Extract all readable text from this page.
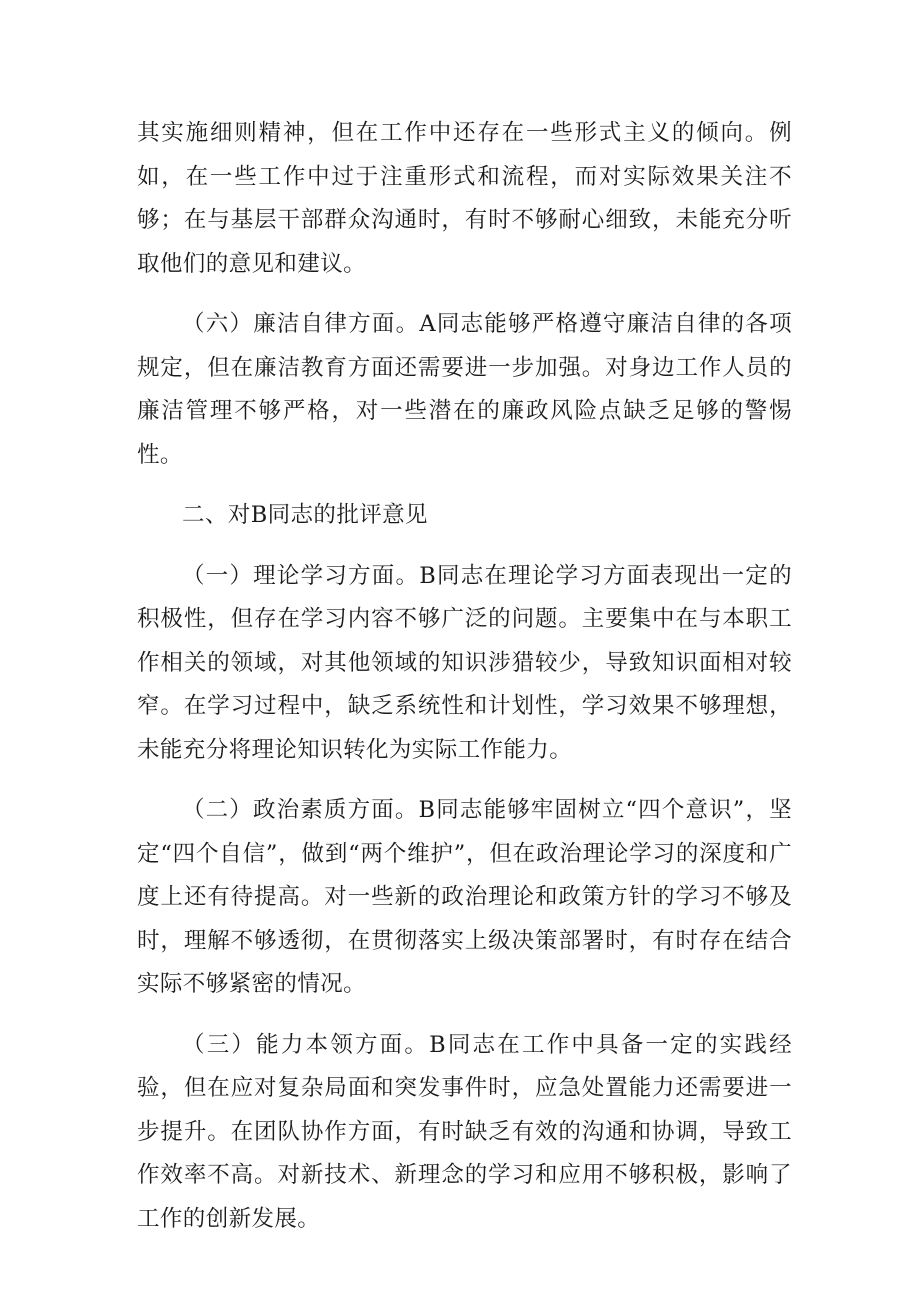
其实施细则精神，但在工作中还存在一些形式主义的倾向。例如，在一些工作中过于注重形式和流程，而对实际效果关注不够；在与基层干部群众沟通时，有时不够耐心细致，未能充分听取他们的意见和建议。

（六）廉洁自律方面。A同志能够严格遵守廉洁自律的各项规定，但在廉洁教育方面还需要进一步加强。对身边工作人员的廉洁管理不够严格，对一些潜在的廉政风险点缺乏足够的警惕性。

二、对B同志的批评意见

（一）理论学习方面。B同志在理论学习方面表现出一定的积极性，但存在学习内容不够广泛的问题。主要集中在与本职工作相关的领域，对其他领域的知识涉猎较少，导致知识面相对较窄。在学习过程中，缺乏系统性和计划性，学习效果不够理想，未能充分将理论知识转化为实际工作能力。

（二）政治素质方面。B同志能够牢固树立“四个意识”，坚定“四个自信”，做到“两个维护”，但在政治理论学习的深度和广度上还有待提高。对一些新的政治理论和政策方针的学习不够及时，理解不够透彻，在贯彻落实上级决策部署时，有时存在结合实际不够紧密的情况。

（三）能力本领方面。B同志在工作中具备一定的实践经验，但在应对复杂局面和突发事件时，应急处置能力还需要进一步提升。在团队协作方面，有时缺乏有效的沟通和协调，导致工作效率不高。对新技术、新理念的学习和应用不够积极，影响了工作的创新发展。
